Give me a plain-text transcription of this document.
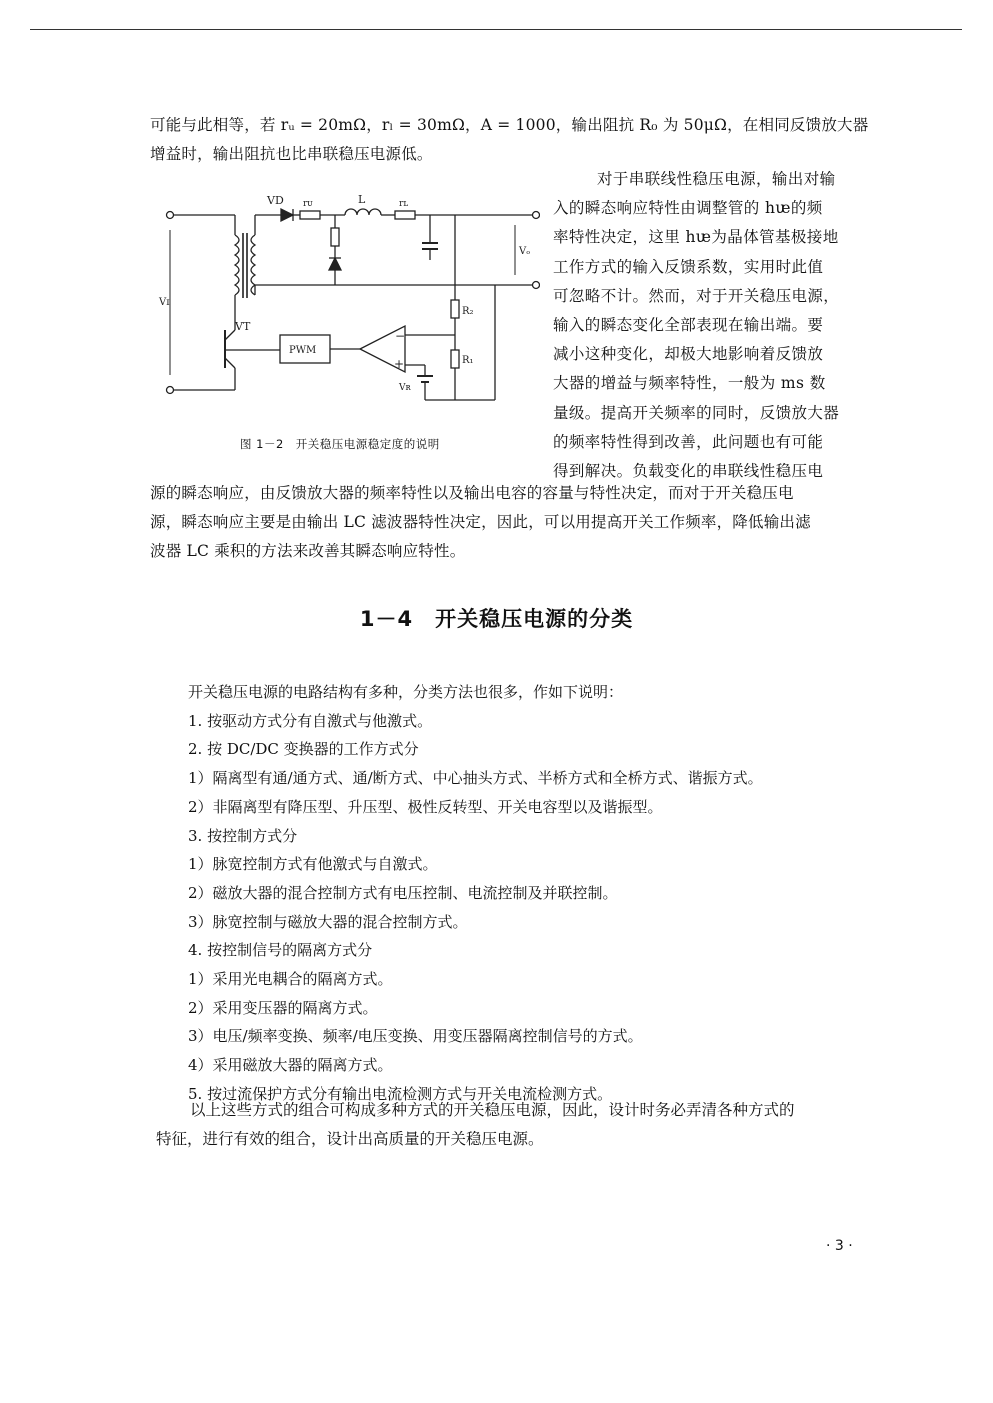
可能与此相等，若 rᵤ = 20mΩ，rₗ = 30mΩ，A = 1000，输出阻抗 R₀ 为 50μΩ，在相同反馈放大器
增益时，输出阻抗也比串联稳压电源低。
对于串联线性稳压电源，输出对输
入的瞬态响应特性由调整管的 hᵫ的频
率特性决定，这里 hᵫ为晶体管基极接地
工作方式的输入反馈系数，实用时此值
可忽略不计。然而，对于开关稳压电源，
输入的瞬态变化全部表现在输出端。要
减小这种变化，却极大地影响着反馈放
大器的增益与频率特性，一般为 ms 数
量级。提高开关频率的同时，反馈放大器
的频率特性得到改善，此问题也有可能
得到解决。负载变化的串联线性稳压电
VD rᴜ	L	rʟ
Vɪ
Vₒ
VT
PWM
R₂
R₁
Vʀ
−
+
图 1－2　开关稳压电源稳定度的说明
源的瞬态响应，由反馈放大器的频率特性以及输出电容的容量与特性决定，而对于开关稳压电
源，瞬态响应主要是由输出 LC 滤波器特性决定，因此，可以用提高开关工作频率，降低输出滤
波器 LC 乘积的方法来改善其瞬态响应特性。
1－4　开关稳压电源的分类
开关稳压电源的电路结构有多种，分类方法也很多，作如下说明：
1. 按驱动方式分有自激式与他激式。
2. 按 DC/DC 变换器的工作方式分
1）隔离型有通/通方式、通/断方式、中心抽头方式、半桥方式和全桥方式、谐振方式。
2）非隔离型有降压型、升压型、极性反转型、开关电容型以及谐振型。
3. 按控制方式分
1）脉宽控制方式有他激式与自激式。
2）磁放大器的混合控制方式有电压控制、电流控制及并联控制。
3）脉宽控制与磁放大器的混合控制方式。
4. 按控制信号的隔离方式分
1）采用光电耦合的隔离方式。
2）采用变压器的隔离方式。
3）电压/频率变换、频率/电压变换、用变压器隔离控制信号的方式。
4）采用磁放大器的隔离方式。
5. 按过流保护方式分有输出电流检测方式与开关电流检测方式。
以上这些方式的组合可构成多种方式的开关稳压电源，因此，设计时务必弄清各种方式的
特征，进行有效的组合，设计出高质量的开关稳压电源。
· 3 ·
